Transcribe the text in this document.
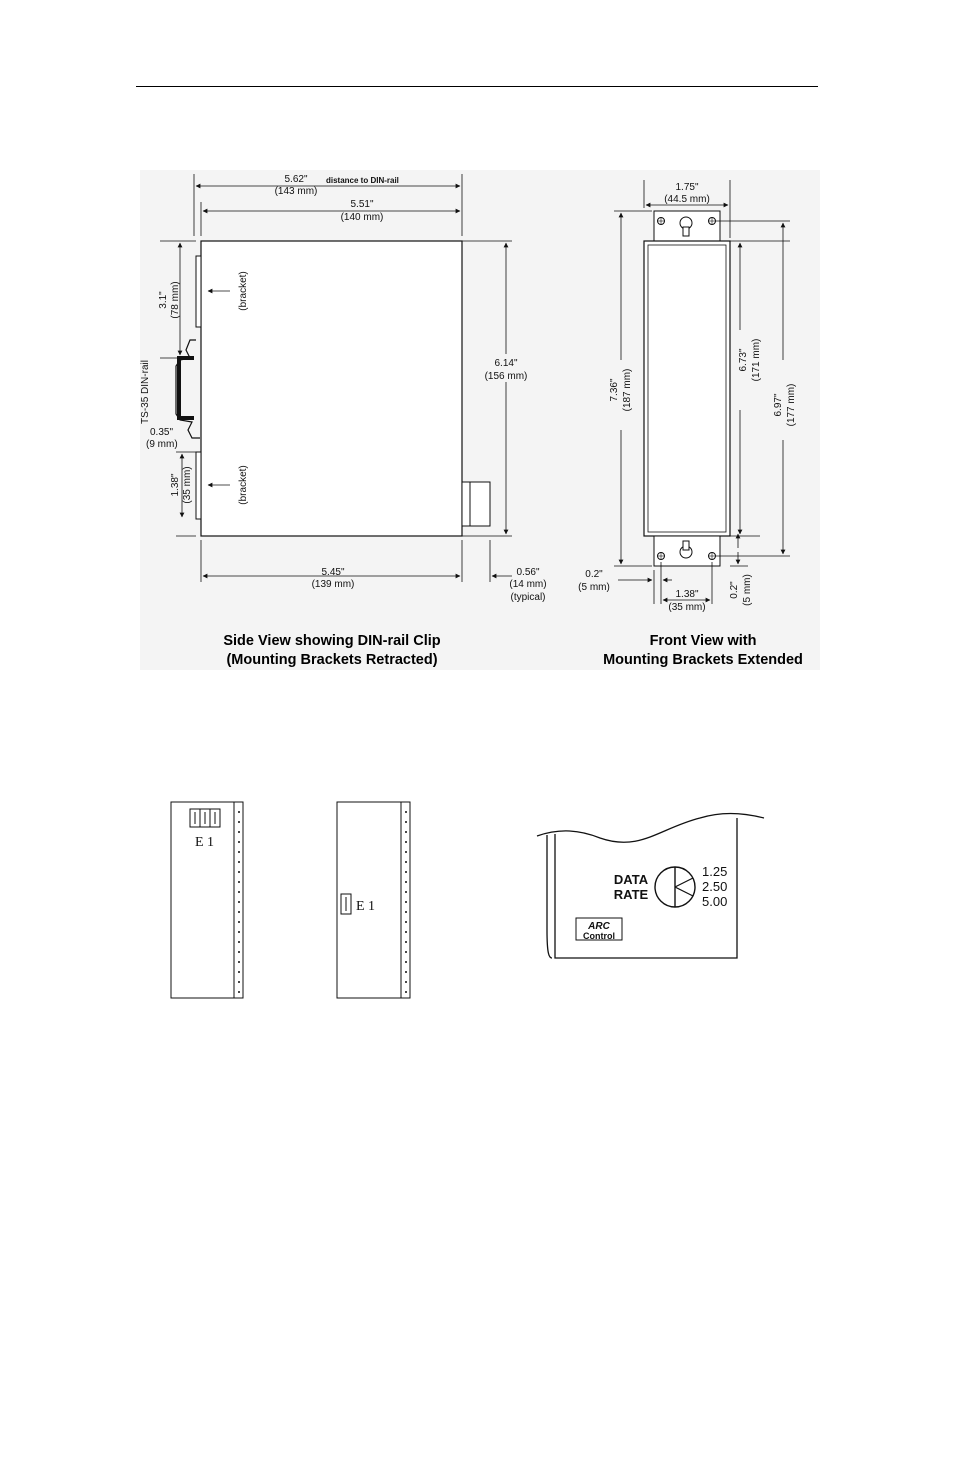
5.62"
(143 mm)
distance to DIN-rail
5.51"
(140 mm)
6.14"
(156 mm)
5.45"
(139 mm)
0.56"
(14 mm)
(typical)
3.1" (78 mm)
TS-35 DIN-rail
0.35"
(9 mm)
1.38" (35 mm)
(bracket)
(bracket)
Side View showing DIN-rail Clip
(Mounting Brackets Retracted)
1.75"
(44.5 mm)
7.36" (187 mm)
6.73" (171 mm)
6.97" (177 mm)
0.2"
(5 mm)
1.38"
(35 mm)
0.2" (5 mm)
Front View with
Mounting Brackets Extended
E 1
E 1
DATA
RATE
1.25
2.50
5.00
ARC
Control
